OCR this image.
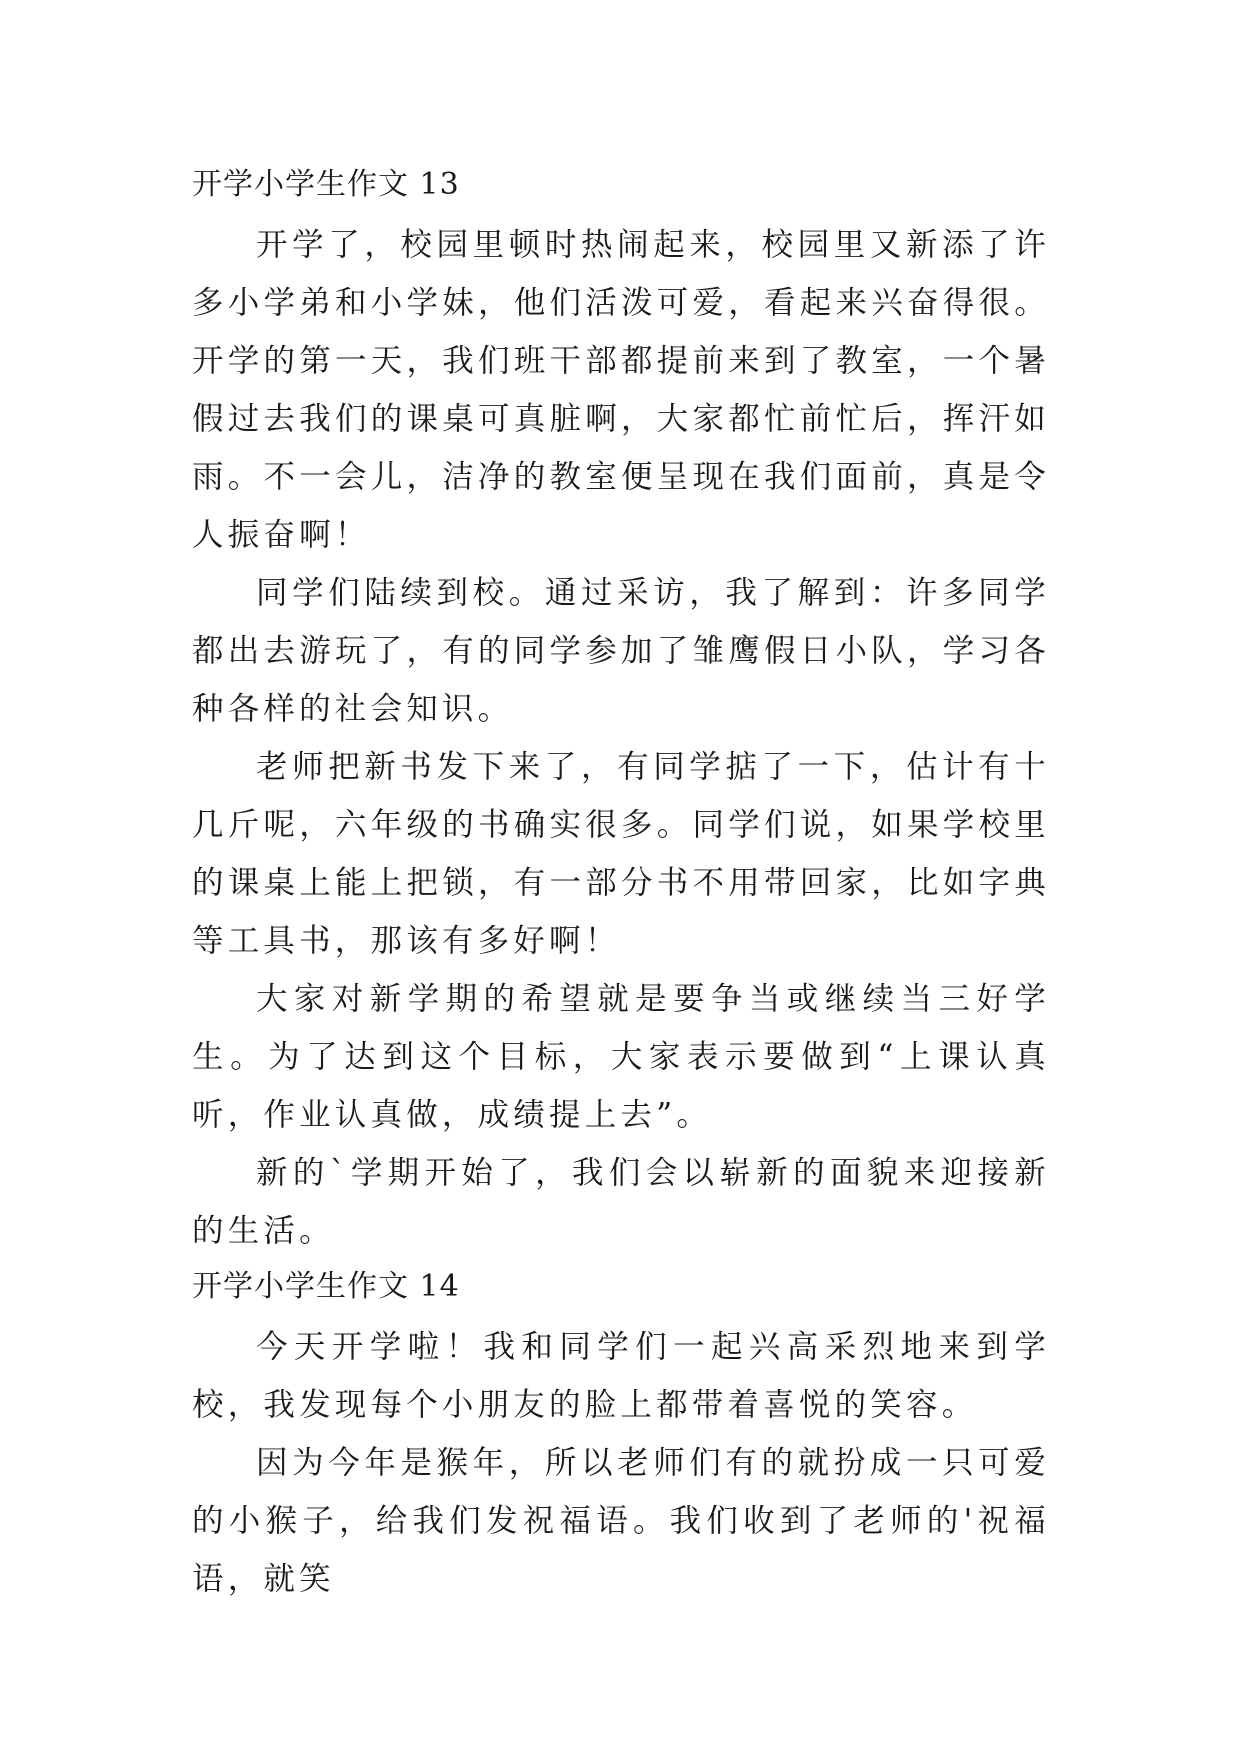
开学小学生作文 13

开学了，校园里顿时热闹起来，校园里又新添了许多小学弟和小学妹，他们活泼可爱，看起来兴奋得很。开学的第一天，我们班干部都提前来到了教室，一个暑假过去我们的课桌可真脏啊，大家都忙前忙后，挥汗如雨。不一会儿，洁净的教室便呈现在我们面前，真是令人振奋啊！

同学们陆续到校。通过采访，我了解到：许多同学都出去游玩了，有的同学参加了雏鹰假日小队，学习各种各样的社会知识。

老师把新书发下来了，有同学掂了一下，估计有十几斤呢，六年级的书确实很多。同学们说，如果学校里的课桌上能上把锁，有一部分书不用带回家，比如字典等工具书，那该有多好啊！

大家对新学期的希望就是要争当或继续当三好学生。为了达到这个目标，大家表示要做到“上课认真听，作业认真做，成绩提上去”。

新的`学期开始了，我们会以崭新的面貌来迎接新的生活。

开学小学生作文 14

今天开学啦！我和同学们一起兴高采烈地来到学校，我发现每个小朋友的脸上都带着喜悦的笑容。

因为今年是猴年，所以老师们有的就扮成一只可爱的小猴子，给我们发祝福语。我们收到了老师的'祝福语，就笑
